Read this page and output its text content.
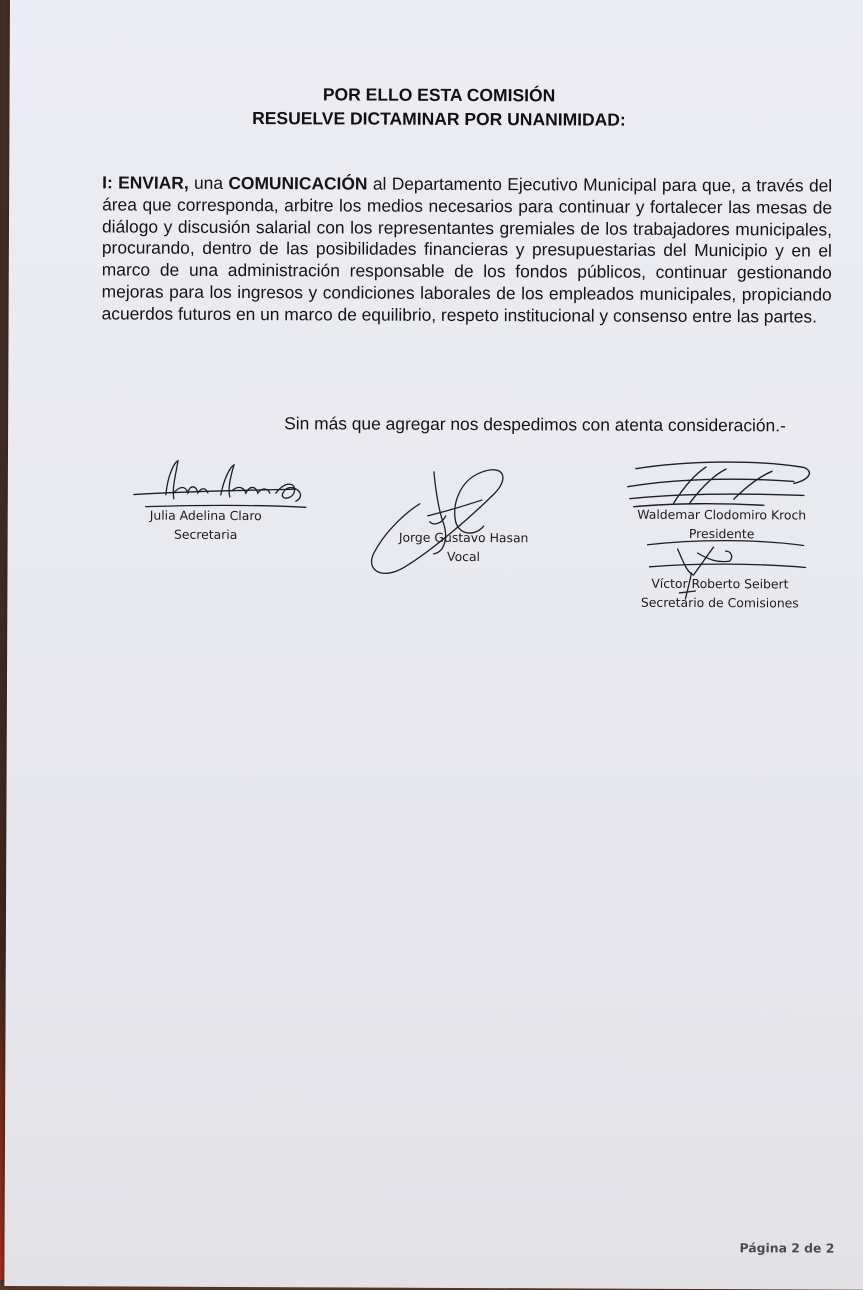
POR ELLO ESTA COMISIÓN
RESUELVE DICTAMINAR POR UNANIMIDAD:
I: ENVIAR, una COMUNICACIÓN al Departamento Ejecutivo Municipal para que, a través del área que corresponda, arbitre los medios necesarios para continuar y fortalecer las mesas de diálogo y discusión salarial con los representantes gremiales de los trabajadores municipales, procurando, dentro de las posibilidades financieras y presupuestarias del Municipio y en el marco de una administración responsable de los fondos públicos, continuar gestionando mejoras para los ingresos y condiciones laborales de los empleados municipales, propiciando acuerdos futuros en un marco de equilibrio, respeto institucional y consenso entre las partes.
Sin más que agregar nos despedimos con atenta consideración.-
Julia Adelina Claro
Secretaria	Jorge Gustavo Hasan
Vocal
Waldemar Clodomiro Kroch
Presidente
Víctor Roberto Seibert
Secretario de Comisiones
Página 2 de 2
